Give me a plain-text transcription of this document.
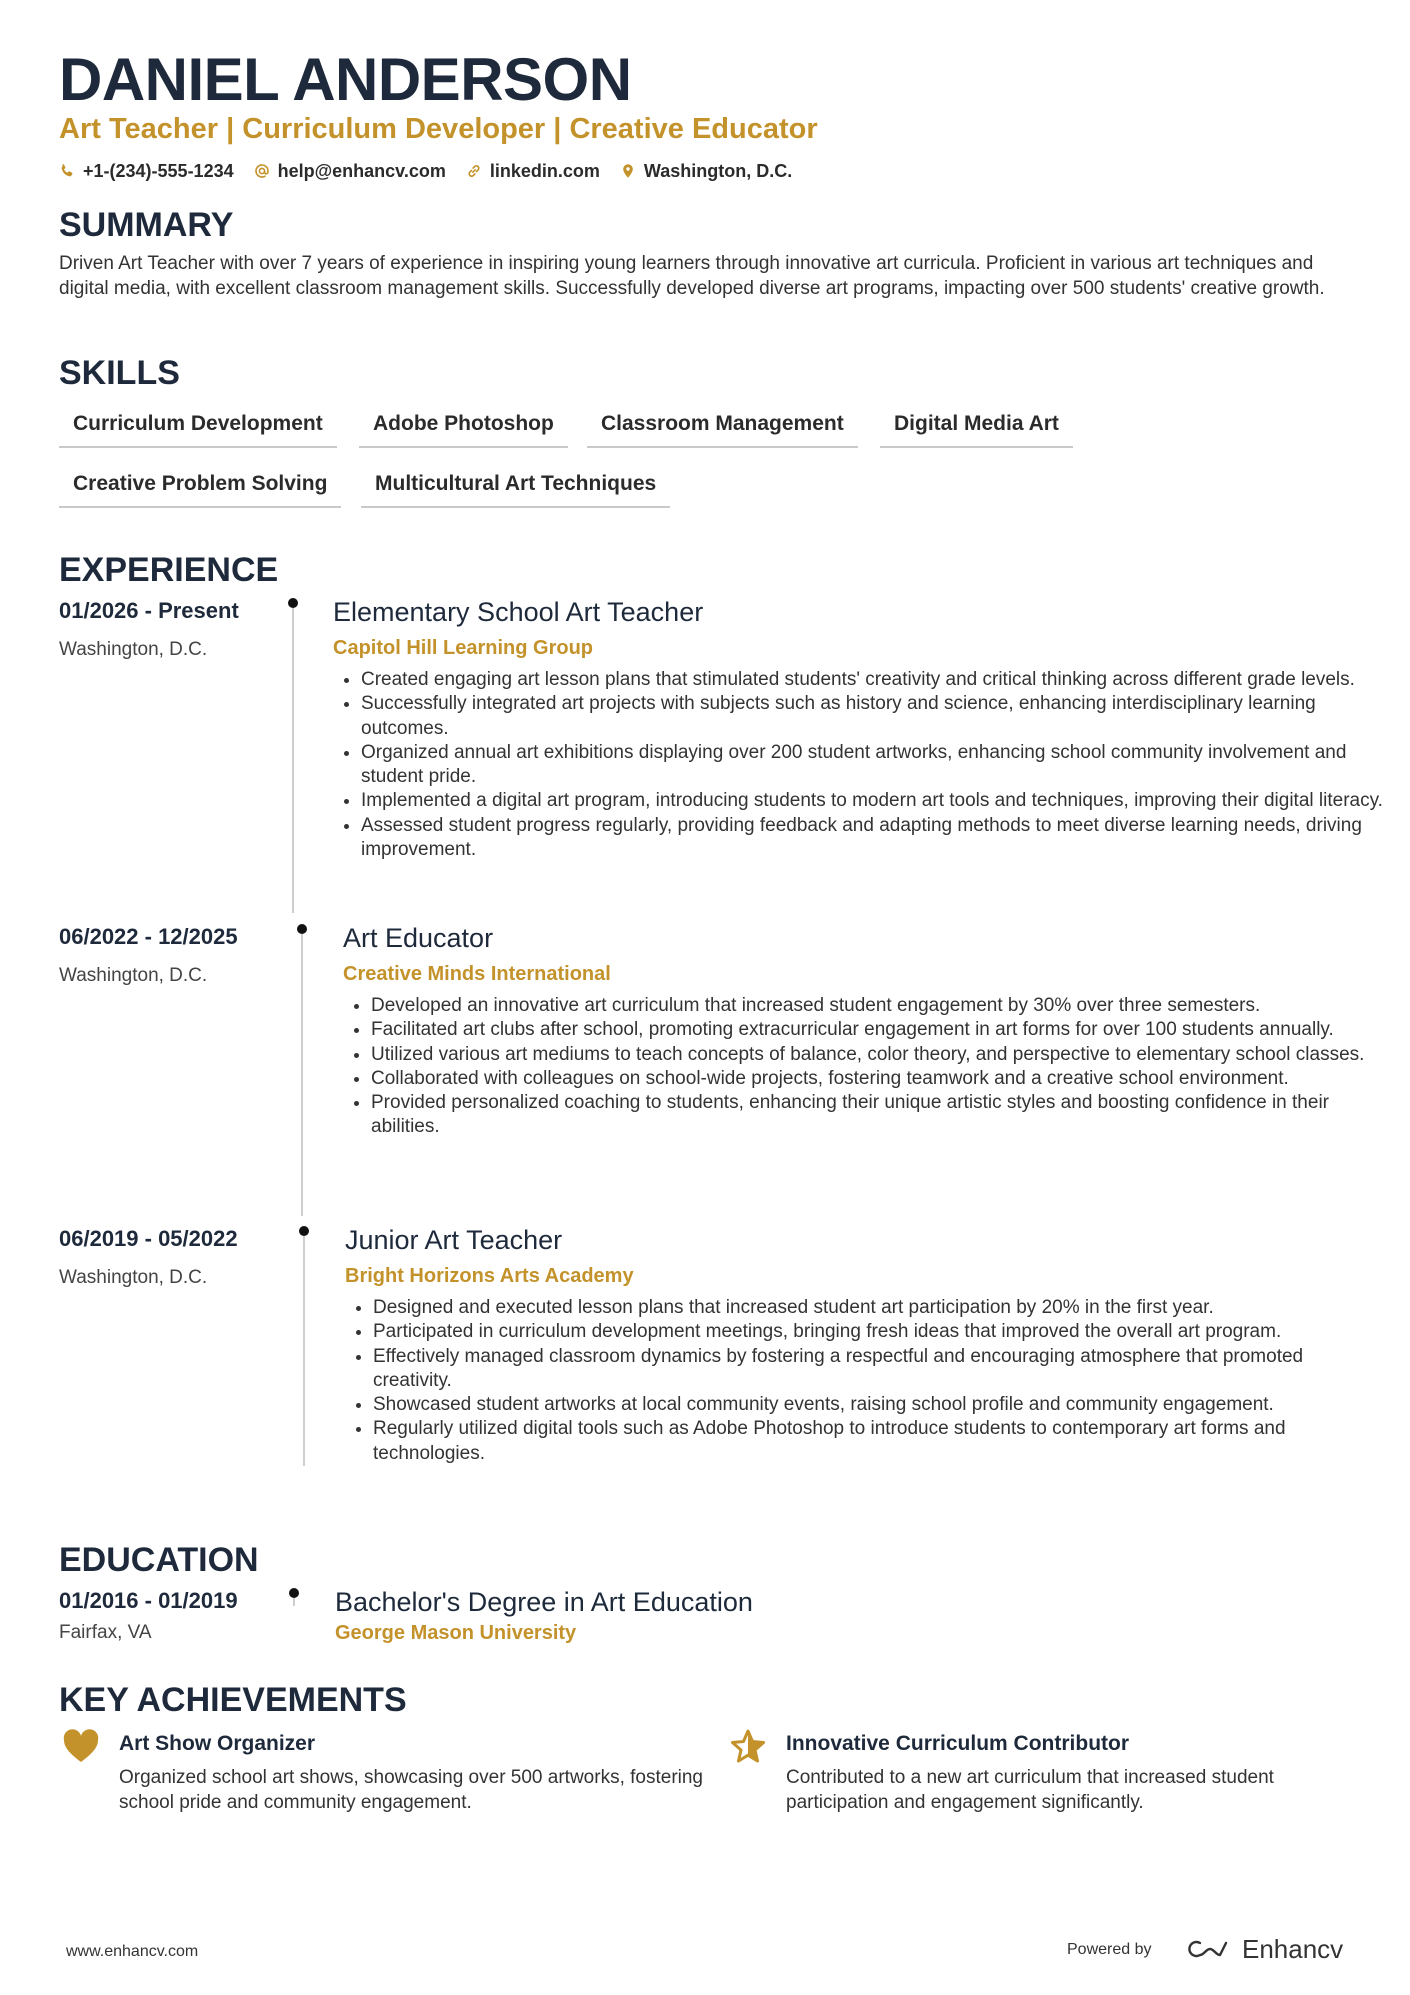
DANIEL ANDERSON
Art Teacher | Curriculum Developer | Creative Educator
+1-(234)-555-1234 help@enhancv.com linkedin.com Washington, D.C.
SUMMARY

Driven Art Teacher with over 7 years of experience in inspiring young learners through innovative art curricula. Proficient in various art techniques and digital media, with excellent classroom management skills. Successfully developed diverse art programs, impacting over 500 students' creative growth.

SKILLS
Curriculum Development	Adobe Photoshop	Classroom Management	Digital Media Art
Creative Problem Solving	Multicultural Art Techniques
EXPERIENCE
01/2026 - Present
Washington, D.C.
Elementary School Art Teacher
Capitol Hill Learning Group
• Created engaging art lesson plans that stimulated students' creativity and critical thinking across different grade levels.
• Successfully integrated art projects with subjects such as history and science, enhancing interdisciplinary learning outcomes.
• Organized annual art exhibitions displaying over 200 student artworks, enhancing school community involvement and student pride.
• Implemented a digital art program, introducing students to modern art tools and techniques, improving their digital literacy.
• Assessed student progress regularly, providing feedback and adapting methods to meet diverse learning needs, driving improvement.
06/2022 - 12/2025
Washington, D.C.
Art Educator
Creative Minds International
• Developed an innovative art curriculum that increased student engagement by 30% over three semesters.
• Facilitated art clubs after school, promoting extracurricular engagement in art forms for over 100 students annually.
• Utilized various art mediums to teach concepts of balance, color theory, and perspective to elementary school classes.
• Collaborated with colleagues on school-wide projects, fostering teamwork and a creative school environment.
• Provided personalized coaching to students, enhancing their unique artistic styles and boosting confidence in their abilities.
06/2019 - 05/2022
Washington, D.C.
Junior Art Teacher
Bright Horizons Arts Academy
• Designed and executed lesson plans that increased student art participation by 20% in the first year.
• Participated in curriculum development meetings, bringing fresh ideas that improved the overall art program.
• Effectively managed classroom dynamics by fostering a respectful and encouraging atmosphere that promoted creativity.
• Showcased student artworks at local community events, raising school profile and community engagement.
• Regularly utilized digital tools such as Adobe Photoshop to introduce students to contemporary art forms and technologies.
EDUCATION
01/2016 - 01/2019
Fairfax, VA
Bachelor's Degree in Art Education
George Mason University
KEY ACHIEVEMENTS
Art Show Organizer

Organized school art shows, showcasing over 500 artworks, fostering school pride and community engagement.

Innovative Curriculum Contributor

Contributed to a new art curriculum that increased student participation and engagement significantly.

www.enhancv.com	Powered by	Enhancv
